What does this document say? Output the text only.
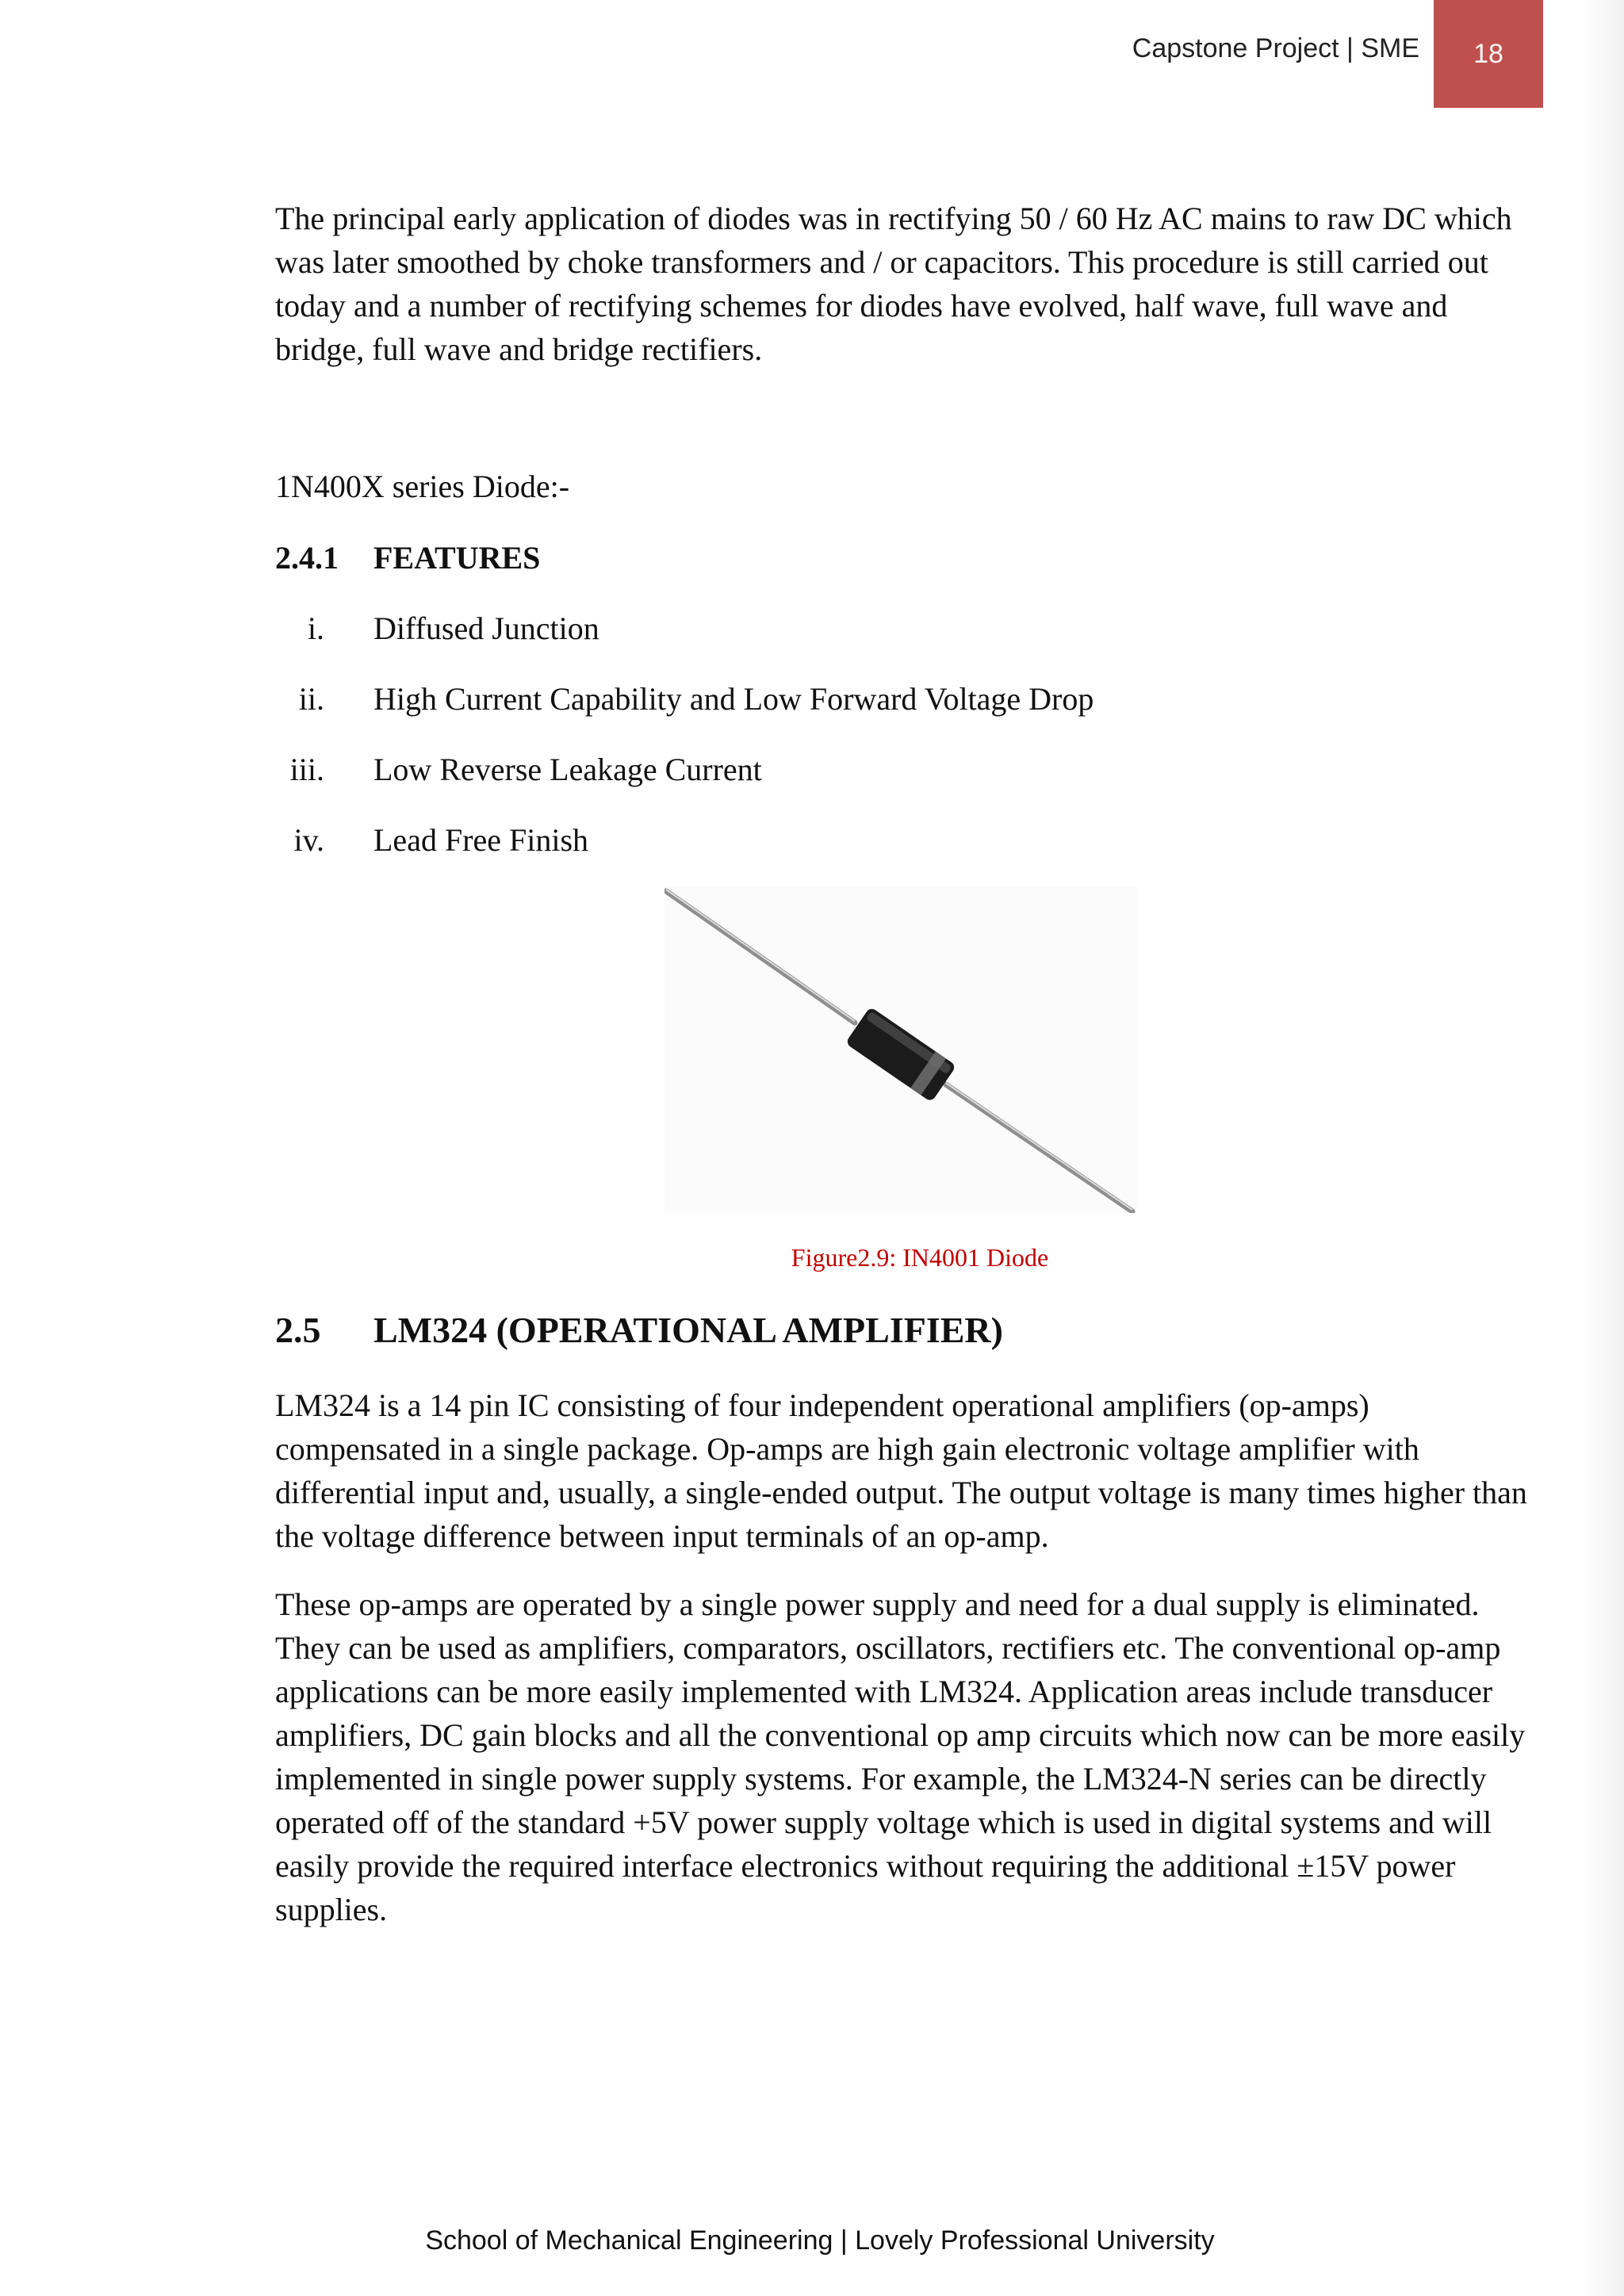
Capstone Project | SME 18

The principal early application of diodes was in rectifying 50 / 60 Hz AC mains to raw DC which was later smoothed by choke transformers and / or capacitors. This procedure is still carried out today and a number of rectifying schemes for diodes have evolved, half wave, full wave and bridge, full wave and bridge rectifiers.

1N400X series Diode:-
2.4.1 FEATURES
i. Diffused Junction
ii. High Current Capability and Low Forward Voltage Drop
iii. Low Reverse Leakage Current
iv. Lead Free Finish
Figure2.9: IN4001 Diode
2.5 LM324 (OPERATIONAL AMPLIFIER)

LM324 is a 14 pin IC consisting of four independent operational amplifiers (op-amps) compensated in a single package. Op-amps are high gain electronic voltage amplifier with differential input and, usually, a single-ended output. The output voltage is many times higher than the voltage difference between input terminals of an op-amp.

These op-amps are operated by a single power supply and need for a dual supply is eliminated. They can be used as amplifiers, comparators, oscillators, rectifiers etc. The conventional op-amp applications can be more easily implemented with LM324. Application areas include transducer amplifiers, DC gain blocks and all the conventional op amp circuits which now can be more easily implemented in single power supply systems. For example, the LM324-N series can be directly operated off of the standard +5V power supply voltage which is used in digital systems and will easily provide the required interface electronics without requiring the additional ±15V power supplies.

School of Mechanical Engineering | Lovely Professional University
